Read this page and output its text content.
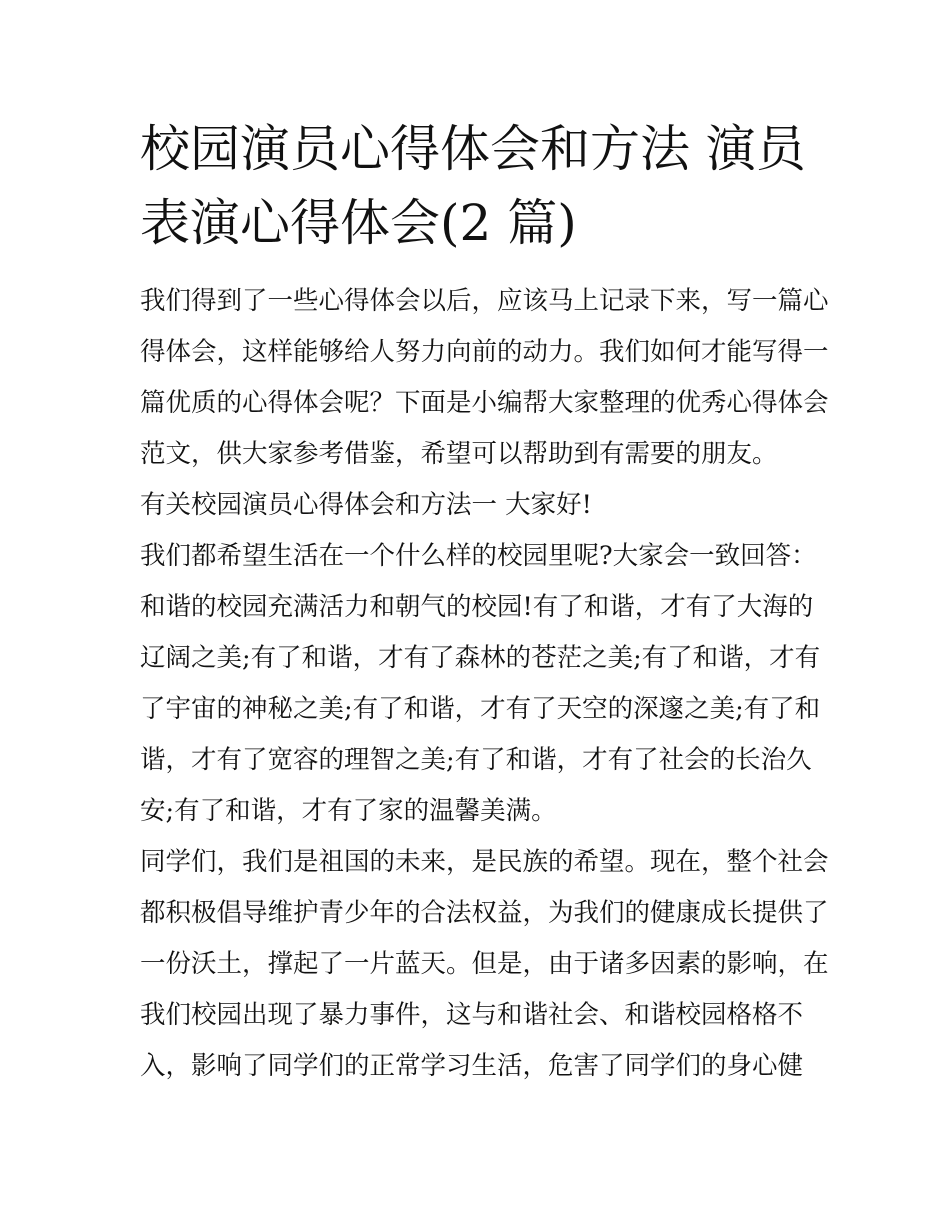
校园演员心得体会和方法 演员
表演心得体会(2 篇)
我们得到了一些心得体会以后，应该马上记录下来，写一篇心
得体会，这样能够给人努力向前的动力。我们如何才能写得一
篇优质的心得体会呢？下面是小编帮大家整理的优秀心得体会
范文，供大家参考借鉴，希望可以帮助到有需要的朋友。
有关校园演员心得体会和方法一 大家好!
我们都希望生活在一个什么样的校园里呢?大家会一致回答：
和谐的校园充满活力和朝气的校园!有了和谐，才有了大海的
辽阔之美;有了和谐，才有了森林的苍茫之美;有了和谐，才有
了宇宙的神秘之美;有了和谐，才有了天空的深邃之美;有了和
谐，才有了宽容的理智之美;有了和谐，才有了社会的长治久
安;有了和谐，才有了家的温馨美满。
同学们，我们是祖国的未来，是民族的希望。现在，整个社会
都积极倡导维护青少年的合法权益，为我们的健康成长提供了
一份沃土，撑起了一片蓝天。但是，由于诸多因素的影响，在
我们校园出现了暴力事件，这与和谐社会、和谐校园格格不
入，影响了同学们的正常学习生活，危害了同学们的身心健
